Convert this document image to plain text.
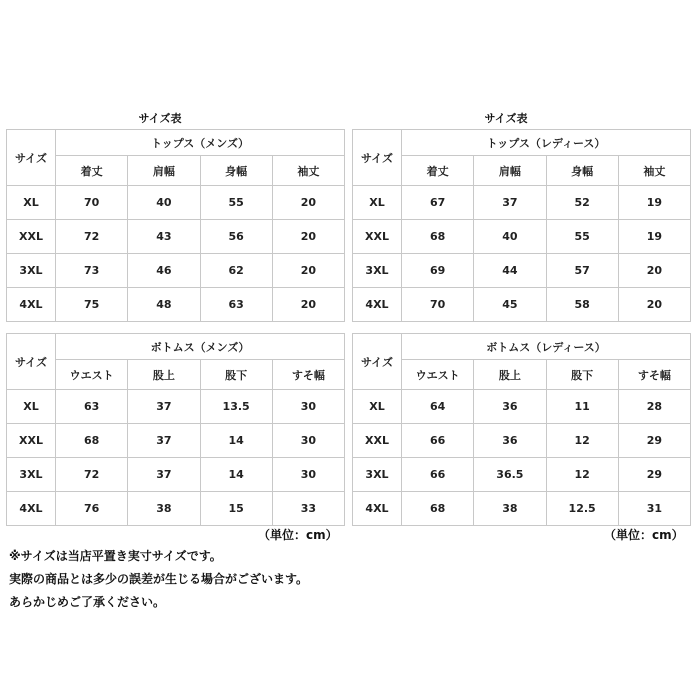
サイズ表	サイズ表
サイズ	トップス（メンズ）			
	着丈	肩幅	身幅	袖丈
XL	70	40	55	20
XXL	72	43	56	20
3XL	73	46	62	20
4XL	75	48	63	20
サイズ	トップス（レディース）			
	着丈	肩幅	身幅	袖丈
XL	67	37	52	19
XXL	68	40	55	19
3XL	69	44	57	20
4XL	70	45	58	20
サイズ	ボトムス（メンズ）			
	ウエスト	股上	股下	すそ幅
XL	63	37	13.5	30
XXL	68	37	14	30
3XL	72	37	14	30
4XL	76	38	15	33
サイズ	ボトムス（レディース）			
	ウエスト	股上	股下	すそ幅
XL	64	36	11	28
XXL	66	36	12	29
3XL	66	36.5	12	29
4XL	68	38	12.5	31
（単位：cm）	（単位：cm）
※サイズは当店平置き実寸サイズです。
実際の商品とは多少の誤差が生じる場合がございます。
あらかじめご了承ください。
